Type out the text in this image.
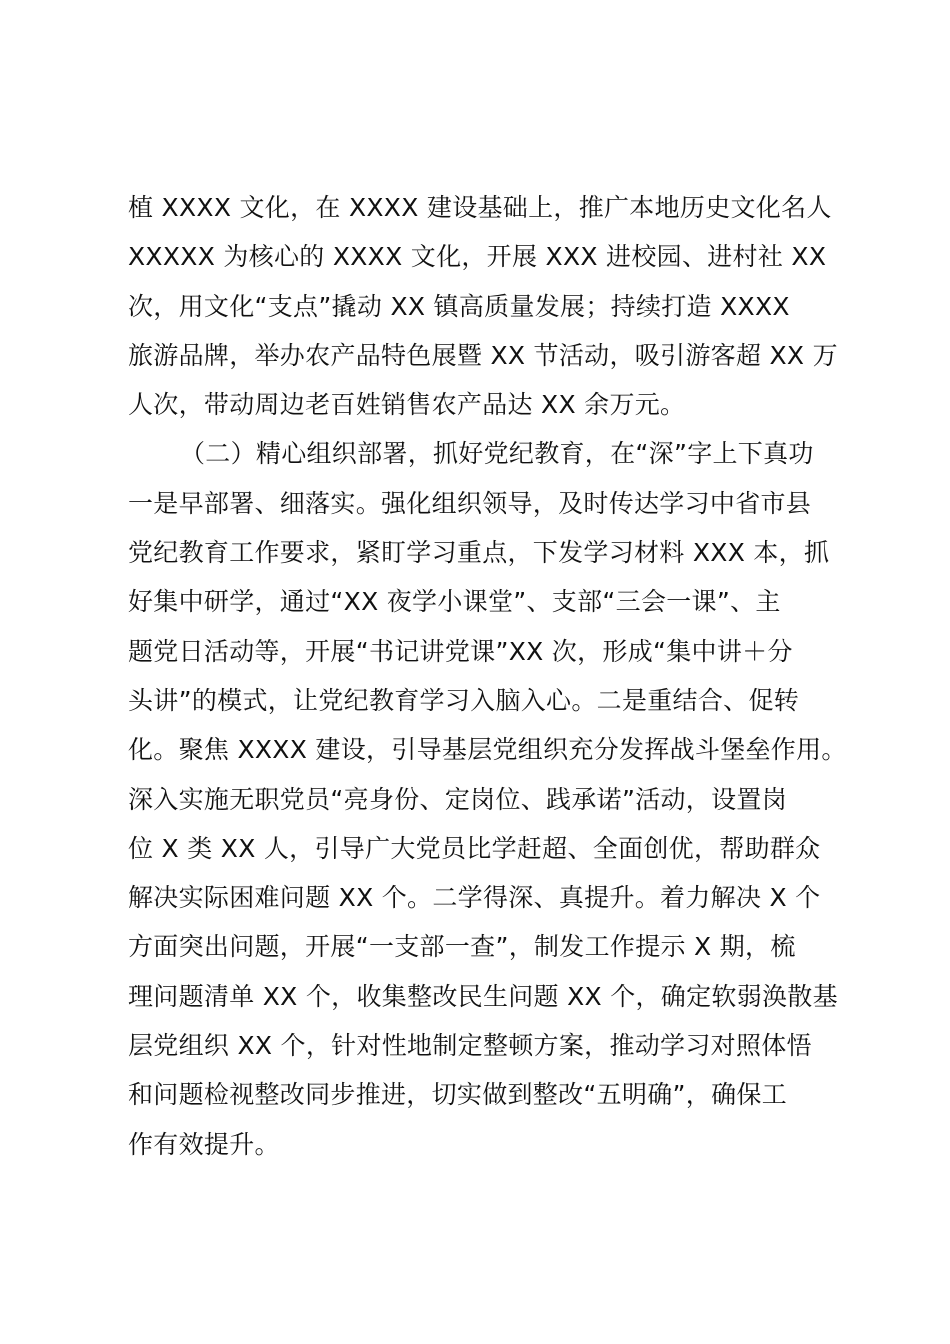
植 XXXX 文化，在 XXXX 建设基础上，推广本地历史文化名人
XXXXX 为核心的 XXXX 文化，开展 XXX 进校园、进村社 XX
次，用文化“支点”撬动 XX 镇高质量发展；持续打造 XXXX
旅游品牌，举办农产品特色展暨 XX 节活动，吸引游客超 XX 万
人次，带动周边老百姓销售农产品达 XX 余万元。
（二）精心组织部署，抓好党纪教育，在“深”字上下真功
一是早部署、细落实。强化组织领导，及时传达学习中省市县
党纪教育工作要求，紧盯学习重点，下发学习材料 XXX 本，抓
好集中研学，通过“XX 夜学小课堂”、支部“三会一课”、主
题党日活动等，开展“书记讲党课”XX 次，形成“集中讲＋分
头讲”的模式，让党纪教育学习入脑入心。二是重结合、促转
化。聚焦 XXXX 建设，引导基层党组织充分发挥战斗堡垒作用。
深入实施无职党员“亮身份、定岗位、践承诺”活动，设置岗
位 X 类 XX 人，引导广大党员比学赶超、全面创优，帮助群众
解决实际困难问题 XX 个。二学得深、真提升。着力解决 X 个
方面突出问题，开展“一支部一查”，制发工作提示 X 期，梳
理问题清单 XX 个，收集整改民生问题 XX 个，确定软弱涣散基
层党组织 XX 个，针对性地制定整顿方案，推动学习对照体悟
和问题检视整改同步推进，切实做到整改“五明确”，确保工
作有效提升。
